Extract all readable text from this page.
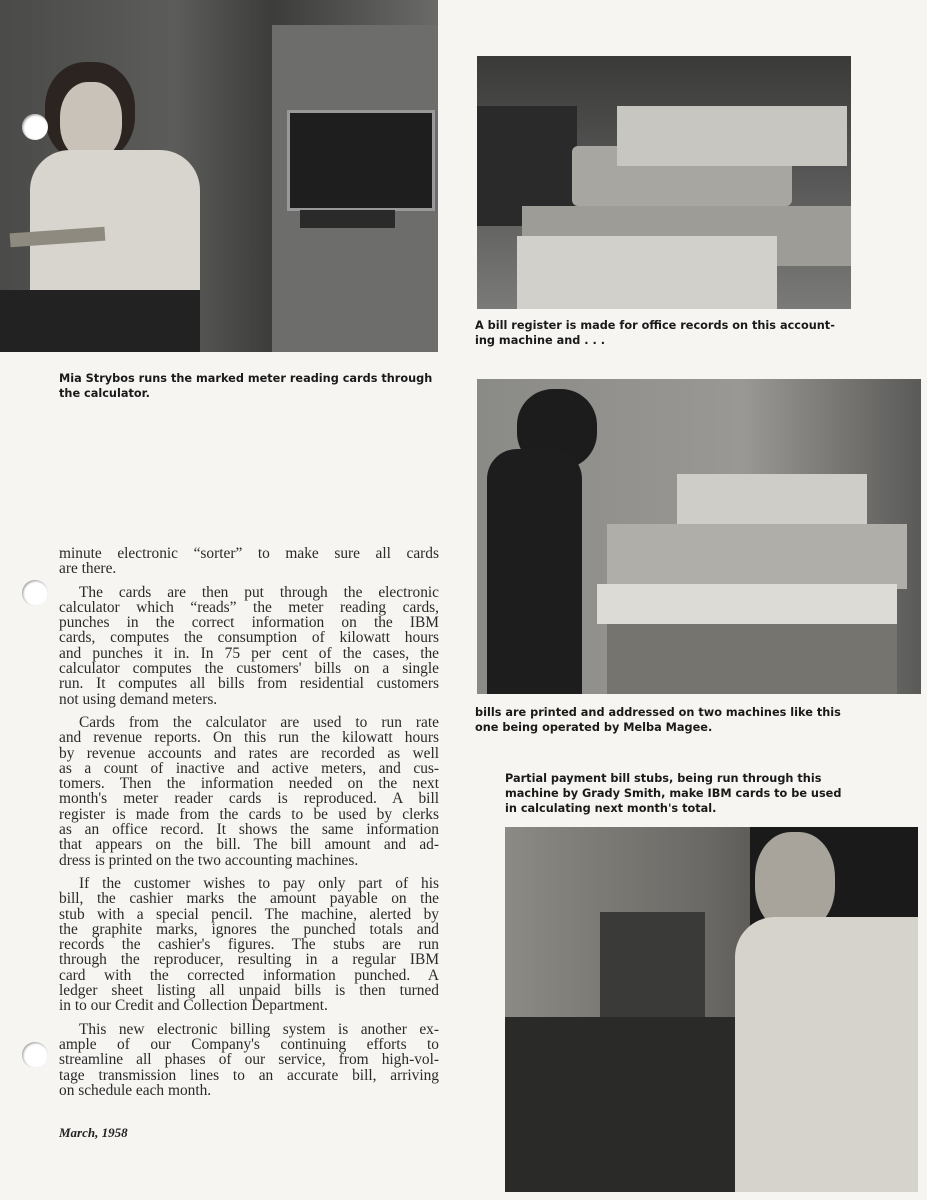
Mia Strybos runs the marked meter reading cards through
the calculator.
A bill register is made for office records on this account-
ing machine and . . .
bills are printed and addressed on two machines like this
one being operated by Melba Magee.
Partial payment bill stubs, being run through this
machine by Grady Smith, make IBM cards to be used
in calculating next month's total.
minute electronic “sorter” to make sure all cards
are there.
The cards are then put through the electronic
calculator which “reads” the meter reading cards,
punches in the correct information on the IBM
cards, computes the consumption of kilowatt hours
and punches it in. In 75 per cent of the cases, the
calculator computes the customers' bills on a single
run. It computes all bills from residential customers
not using demand meters.
Cards from the calculator are used to run rate
and revenue reports. On this run the kilowatt hours
by revenue accounts and rates are recorded as well
as a count of inactive and active meters, and cus-
tomers. Then the information needed on the next
month's meter reader cards is reproduced. A bill
register is made from the cards to be used by clerks
as an office record. It shows the same information
that appears on the bill. The bill amount and ad-
dress is printed on the two accounting machines.
If the customer wishes to pay only part of his
bill, the cashier marks the amount payable on the
stub with a special pencil. The machine, alerted by
the graphite marks, ignores the punched totals and
records the cashier's figures. The stubs are run
through the reproducer, resulting in a regular IBM
card with the corrected information punched. A
ledger sheet listing all unpaid bills is then turned
in to our Credit and Collection Department.
This new electronic billing system is another ex-
ample of our Company's continuing efforts to
streamline all phases of our service, from high-vol-
tage transmission lines to an accurate bill, arriving
on schedule each month.
March, 1958
